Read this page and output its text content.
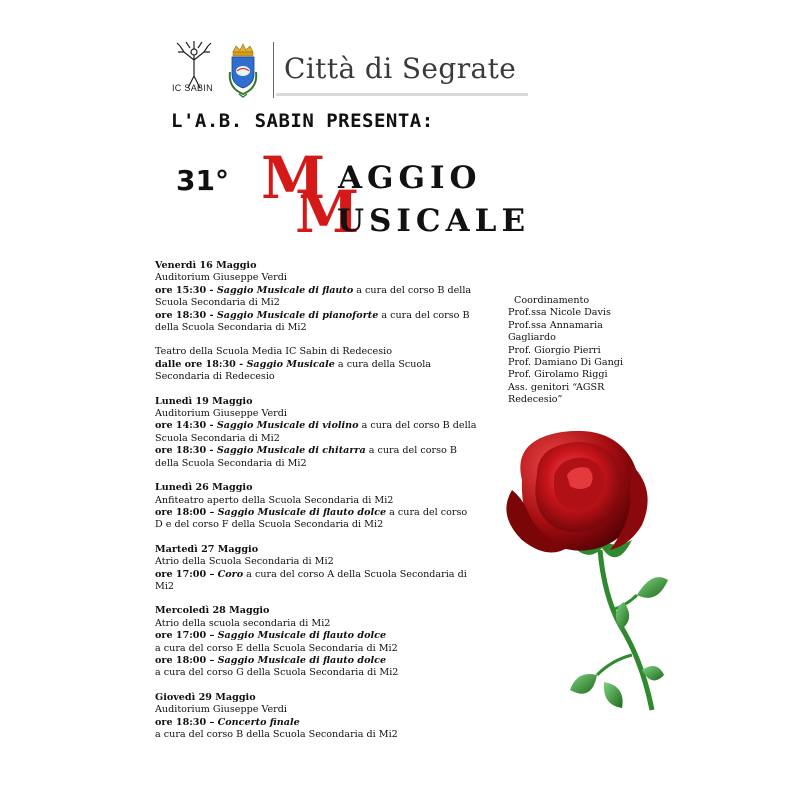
IC SABIN
Città di Segrate
L'A.B. SABIN PRESENTA:
31° M
M
AGGIO
USICALE
Venerdì 16 Maggio
Auditorium Giuseppe Verdi
ore 15:30 - Saggio Musicale di flauto a cura del corso B della
Scuola Secondaria di Mi2
ore 18:30 - Saggio Musicale di pianoforte a cura del corso B
della Scuola Secondaria di Mi2
Teatro della Scuola Media IC Sabin di Redecesio
dalle ore 18:30 - Saggio Musicale a cura della Scuola
Secondaria di Redecesio
Lunedì 19 Maggio
Auditorium Giuseppe Verdi
ore 14:30 - Saggio Musicale di violino a cura del corso B della
Scuola Secondaria di Mi2
ore 18:30 - Saggio Musicale di chitarra a cura del corso B
della Scuola Secondaria di Mi2
Lunedì 26 Maggio
Anfiteatro aperto della Scuola Secondaria di Mi2
ore 18:00 – Saggio Musicale di flauto dolce a cura del corso
D e del corso F della Scuola Secondaria di Mi2
Martedì 27 Maggio
Atrio della Scuola Secondaria di Mi2
ore 17:00 – Coro a cura del corso A della Scuola Secondaria di
Mi2
Mercoledì 28 Maggio
Atrio della scuola secondaria di Mi2
ore 17:00 – Saggio Musicale di flauto dolce
a cura del corso E della Scuola Secondaria di Mi2
ore 18:00 – Saggio Musicale di flauto dolce
a cura del corso G della Scuola Secondaria di Mi2
Giovedì 29 Maggio
Auditorium Giuseppe Verdi
ore 18:30 – Concerto finale
a cura del corso B della Scuola Secondaria di Mi2
Coordinamento
Prof.ssa Nicole Davis
Prof.ssa Annamaria
Gagliardo
Prof. Giorgio Pierri
Prof. Damiano Di Gangi
Prof. Girolamo Riggi
Ass. genitori “AGSR
Redecesio”
